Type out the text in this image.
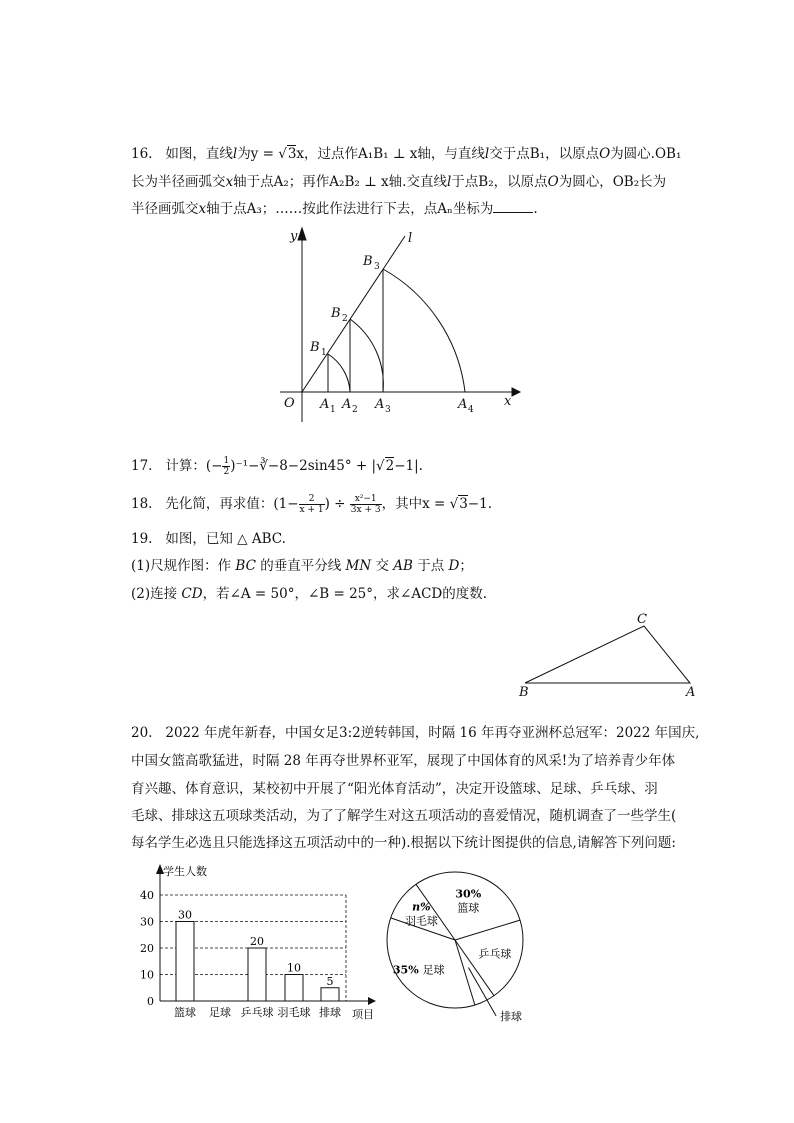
16. 如图，直线l为y = √3x，过点作A₁B₁ ⊥ x轴，与直线l交于点B₁，以原点O为圆心.OB₁
长为半径画弧交x轴于点A₂；再作A₂B₂ ⊥ x轴.交直线l于点B₂，以原点O为圆心，OB₂长为
半径画弧交x轴于点A₃；……按此作法进行下去，点Aₙ坐标为	.
y	l
O	x
B 1
B 2
B 3
A 1 A 2 A 3	A 4
17. 计算：(− $\frac{1}{2}$ )⁻¹−∛−8−2sin45° + |√2−1|.
18. 先化简，再求值：($1- \frac{2}{x + 1}$ ) ÷ $\frac{\text{x²−1}}{3x + 3}$ ，其中x = √3−1.
19. 如图，已知 △ ABC.
(1)尺规作图：作 BC 的垂直平分线 MN 交 AB 于点 D；
(2)连接 CD，若∠A = 50°，∠B = 25°，求∠ACD的度数.
B	A
C
20. 2022 年虎年新春，中国女足3:2逆转韩国，时隔 16 年再夺亚洲杯总冠军：2022 年国庆,
中国女篮高歌猛进，时隔 28 年再夺世界杯亚军，展现了中国体育的风采!为了培养青少年体
育兴趣、体育意识，某校初中开展了“阳光体育活动”，决定开设篮球、足球、乒乓球、羽
毛球、排球这五项球类活动，为了了解学生对这五项活动的喜爱情况，随机调查了一些学生(
每名学生必选且只能选择这五项活动中的一种).根据以下统计图提供的信息,请解答下列问题:
学生人数
项目
0
10
20
30
40
篮球
30
足球 乒乓球
20
羽毛球
10
排球
5
30%
篮球
乒乓球
排球
35% 足球
n%
羽毛球
